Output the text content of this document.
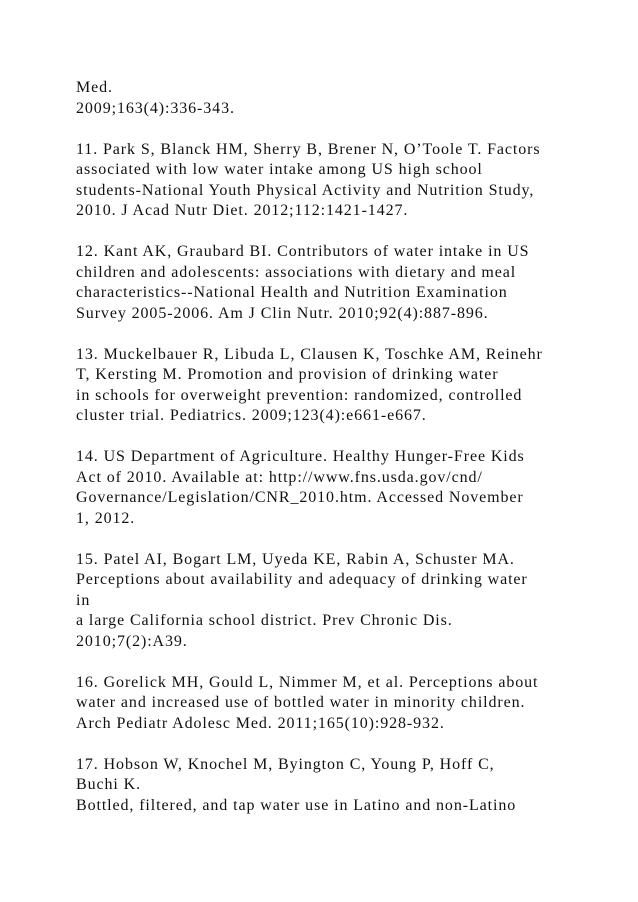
Med.
2009;163(4):336-343.
11. Park S, Blanck HM, Sherry B, Brener N, O’Toole T. Factors
associated with low water intake among US high school
students-National Youth Physical Activity and Nutrition Study,
2010. J Acad Nutr Diet. 2012;112:1421-1427.
12. Kant AK, Graubard BI. Contributors of water intake in US
children and adolescents: associations with dietary and meal
characteristics--National Health and Nutrition Examination
Survey 2005-2006. Am J Clin Nutr. 2010;92(4):887-896.
13. Muckelbauer R, Libuda L, Clausen K, Toschke AM, Reinehr
T, Kersting M. Promotion and provision of drinking water
in schools for overweight prevention: randomized, controlled
cluster trial. Pediatrics. 2009;123(4):e661-e667.
14. US Department of Agriculture. Healthy Hunger-Free Kids
Act of 2010. Available at: http://www.fns.usda.gov/cnd/
Governance/Legislation/CNR_2010.htm. Accessed November
1, 2012.
15. Patel AI, Bogart LM, Uyeda KE, Rabin A, Schuster MA.
Perceptions about availability and adequacy of drinking water
in
a large California school district. Prev Chronic Dis.
2010;7(2):A39.
16. Gorelick MH, Gould L, Nimmer M, et al. Perceptions about
water and increased use of bottled water in minority children.
Arch Pediatr Adolesc Med. 2011;165(10):928-932.
17. Hobson W, Knochel M, Byington C, Young P, Hoff C,
Buchi K.
Bottled, filtered, and tap water use in Latino and non-Latino
